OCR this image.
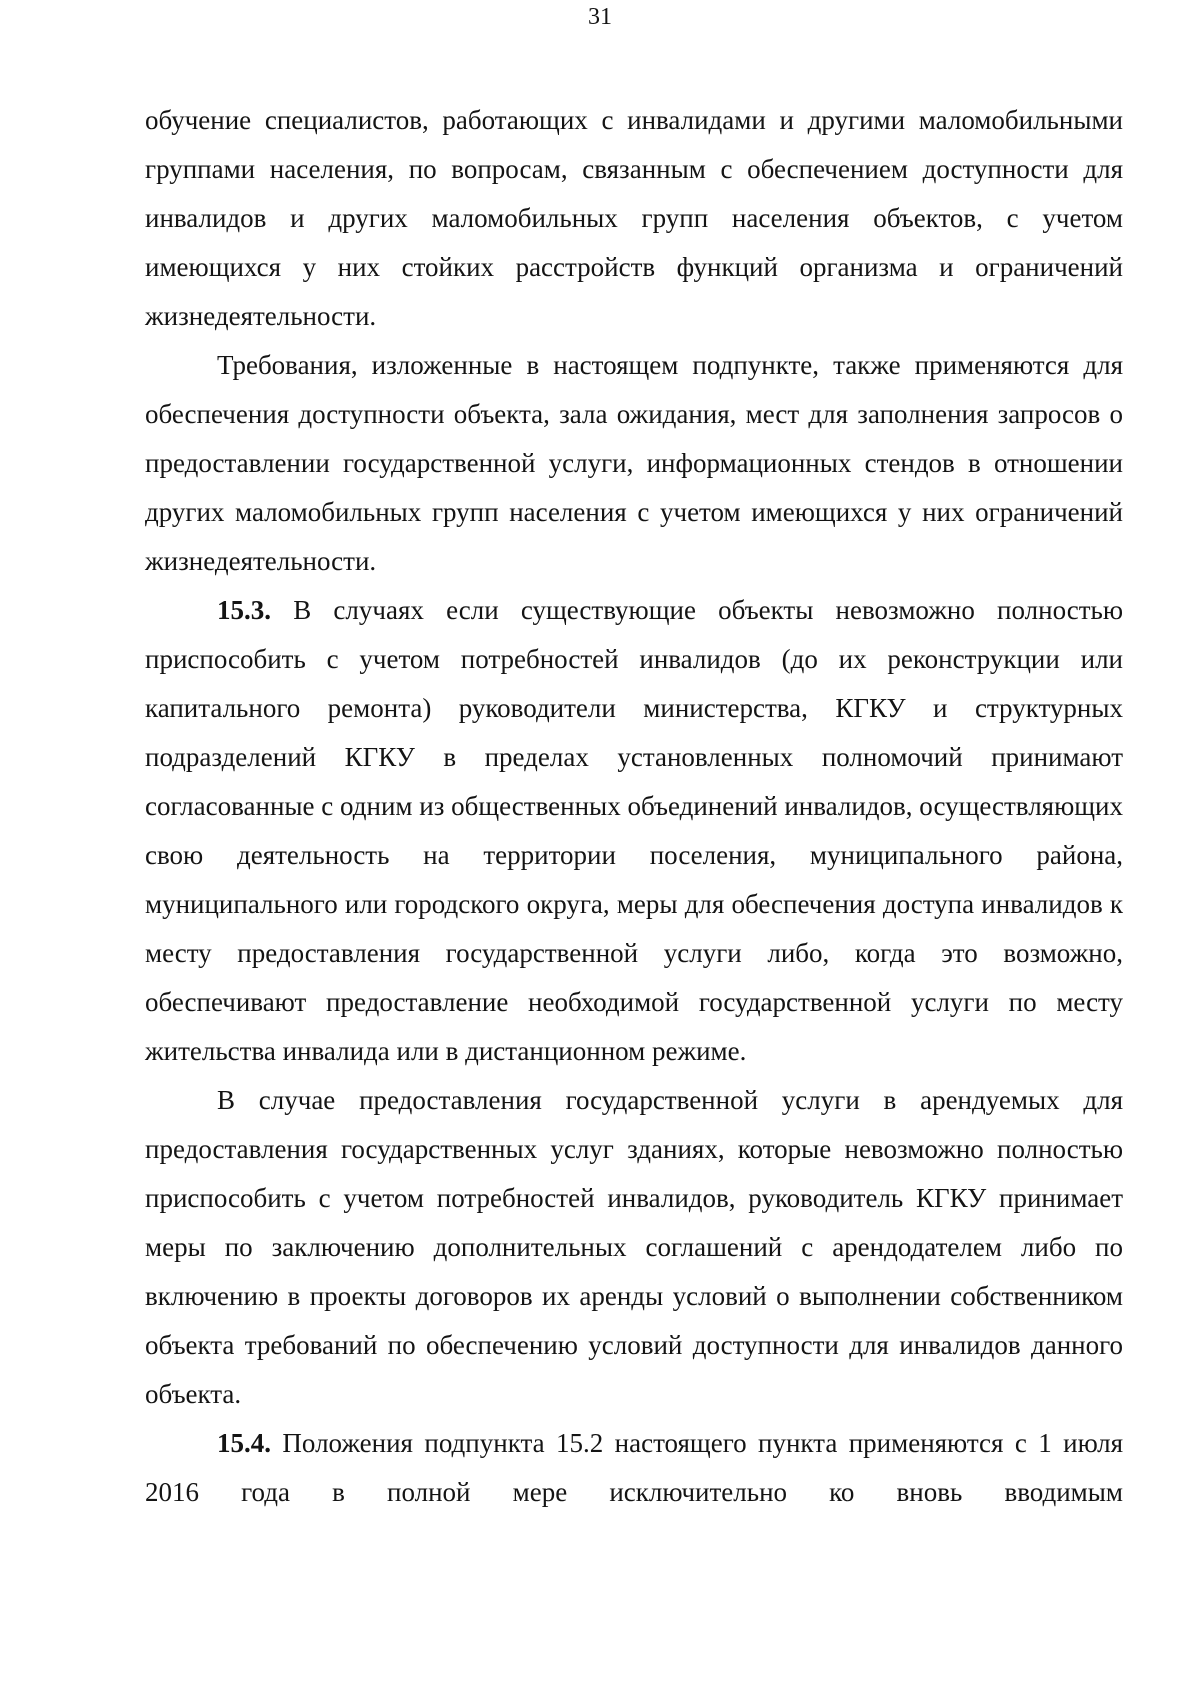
31

обучение специалистов, работающих с инвалидами и другими маломобильными группами населения, по вопросам, связанным с обеспечением доступности для инвалидов и других маломобильных групп населения объектов, с учетом имеющихся у них стойких расстройств функций организма и ограничений жизнедеятельности.

Требования, изложенные в настоящем подпункте, также применяются для обеспечения доступности объекта, зала ожидания, мест для заполнения запросов о предоставлении государственной услуги, информационных стендов в отношении других маломобильных групп населения с учетом имеющихся у них ограничений жизнедеятельности.

15.3. В случаях если существующие объекты невозможно полностью приспособить с учетом потребностей инвалидов (до их реконструкции или капитального ремонта) руководители министерства, КГКУ и структурных подразделений КГКУ в пределах установленных полномочий принимают согласованные с одним из общественных объединений инвалидов, осуществляющих свою деятельность на территории поселения, муниципального района, муниципального или городского округа, меры для обеспечения доступа инвалидов к месту предоставления государственной услуги либо, когда это возможно, обеспечивают предоставление необходимой государственной услуги по месту жительства инвалида или в дистанционном режиме.

В случае предоставления государственной услуги в арендуемых для предоставления государственных услуг зданиях, которые невозможно полностью приспособить с учетом потребностей инвалидов, руководитель КГКУ принимает меры по заключению дополнительных соглашений с арендодателем либо по включению в проекты договоров их аренды условий о выполнении собственником объекта требований по обеспечению условий доступности для инвалидов данного объекта.

15.4. Положения подпункта 15.2 настоящего пункта применяются с 1 июля 2016 года в полной мере исключительно ко вновь вводимым
